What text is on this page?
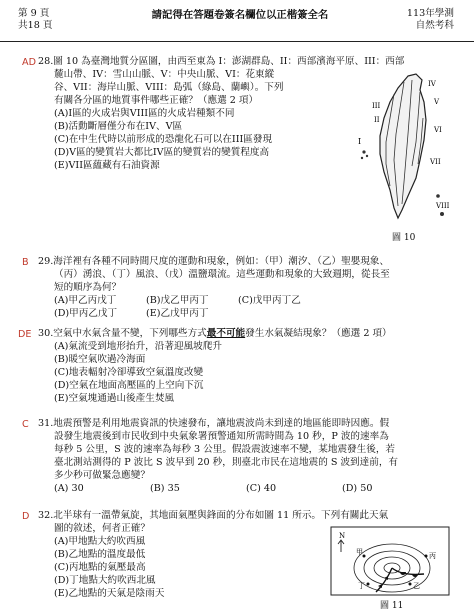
第 9 頁
共18 頁
請記得在答題卷簽名欄位以正楷簽全名	113年學測
自然考科
AD 28.圖 10 為臺灣地質分區圖，由西至東為 I：澎湖群島、II：西部濱海平原、III：西部
麓山帶、IV：雪山山脈、V：中央山脈、VI：花東縱
谷、VII：海岸山脈、VIII：島弧（綠島、蘭嶼）。下列
有關各分區的地質事件哪些正確？（應選 2 項）
(A)I區的火成岩與VIII區的火成岩種類不同
(B)活動斷層僅分布在IV、V區
(C)在中生代時以前形成的恐龍化石可以在III區發現
(D)V區的變質岩大都比IV區的變質岩的變質程度高
(E)VII區蘊藏有石油資源
I
II
III
IV
V
VI
VII
VIII
圖 10
B 29.海洋裡有各種不同時間尺度的運動和現象，例如：（甲）潮汐、（乙）聖嬰現象、
（丙）湧浪、（丁）風浪、（戊）溫鹽環流。這些運動和現象的大致週期，從長至
短的順序為何？
(A)甲乙丙戊丁	(B)戊乙甲丙丁	(C)戊甲丙丁乙
(D)甲丙乙戊丁	(E)乙戊甲丙丁
DE 30.空氣中水氣含量不變，下列哪些方式最不可能發生水氣凝結現象？（應選 2 項）
(A)氣流受到地形抬升，沿著迎風坡爬升
(B)暖空氣吹過冷海面
(C)地表輻射冷卻導致空氣溫度改變
(D)空氣在地面高壓區的上空向下沉
(E)空氣塊通過山後產生焚風
C 31.地震預警是利用地震資訊的快速發布，讓地震波尚未到達的地區能即時因應。假
設發生地震後到市民收到中央氣象署預警通知所需時間為 10 秒，P 波的速率為
每秒 5 公里，S 波的速率為每秒 3 公里。假設震波速率不變，某地震發生後，若
臺北測站測得的 P 波比 S 波早到 20 秒，則臺北市民在這地震的 S 波到達前，有
多少秒可做緊急應變？
(A) 30	(B) 35	(C) 40	(D) 50
D 32.北半球有一溫帶氣旋，其地面氣壓與鋒面的分布如圖 11 所示。下列有關此天氣
圖的敘述，何者正確？
(A)甲地點大約吹西風
(B)乙地點的溫度最低
(C)丙地點的氣壓最高
(D)丁地點大約吹西北風
(E)乙地點的天氣是陰雨天
N
甲
乙
丙
丁
圖 11
